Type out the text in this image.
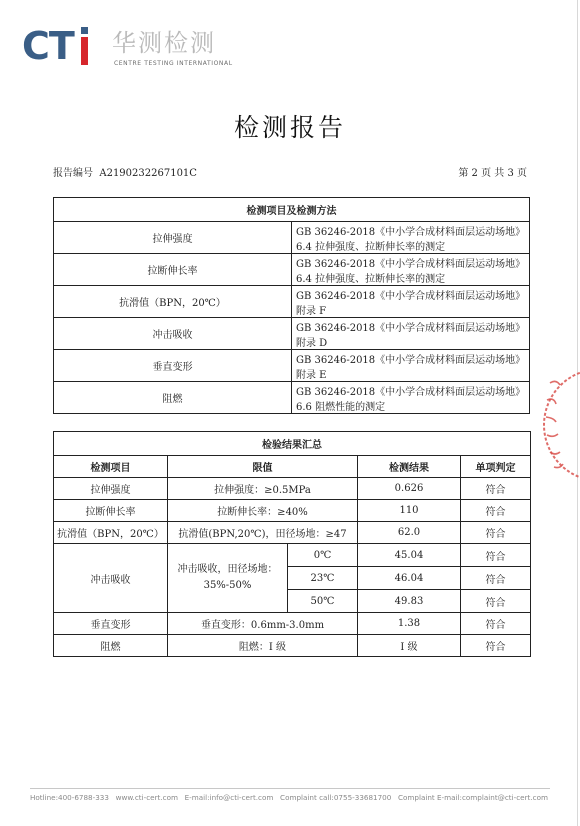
CT 华测检测
CENTRE TESTING INTERNATIONAL
检测报告
报告编号 A2190232267101C	第 2 页 共 3 页
检测项目及检测方法	
拉伸强度	GB 36246-2018《中小学合成材料面层运动场地》6.4 拉伸强度、拉断伸长率的测定
拉断伸长率	GB 36246-2018《中小学合成材料面层运动场地》6.4 拉伸强度、拉断伸长率的测定
抗滑值（BPN，20℃）	GB 36246-2018《中小学合成材料面层运动场地》附录 F
冲击吸收	GB 36246-2018《中小学合成材料面层运动场地》附录 D
垂直变形	GB 36246-2018《中小学合成材料面层运动场地》附录 E
阻燃	GB 36246-2018《中小学合成材料面层运动场地》6.6 阻燃性能的测定
检验结果汇总				
检测项目	限值		检测结果	单项判定
拉伸强度	拉伸强度：≥0.5MPa		0.626	符合
拉断伸长率	拉断伸长率：≥40%		110	符合
抗滑值（BPN，20℃）	抗滑值(BPN,20℃)，田径场地：≥47		62.0	符合
冲击吸收	冲击吸收，田径场地：35%-50%	0℃	45.04	符合
		23℃	46.04	符合
		50℃	49.83	符合
垂直变形	垂直变形：0.6mm-3.0mm		1.38	符合
阻燃	阻燃：I 级		I 级	符合
Hotline:400-6788-333 www.cti-cert.com E-mail:info@cti-cert.com Complaint call:0755-33681700 Complaint E-mail:complaint@cti-cert.com
